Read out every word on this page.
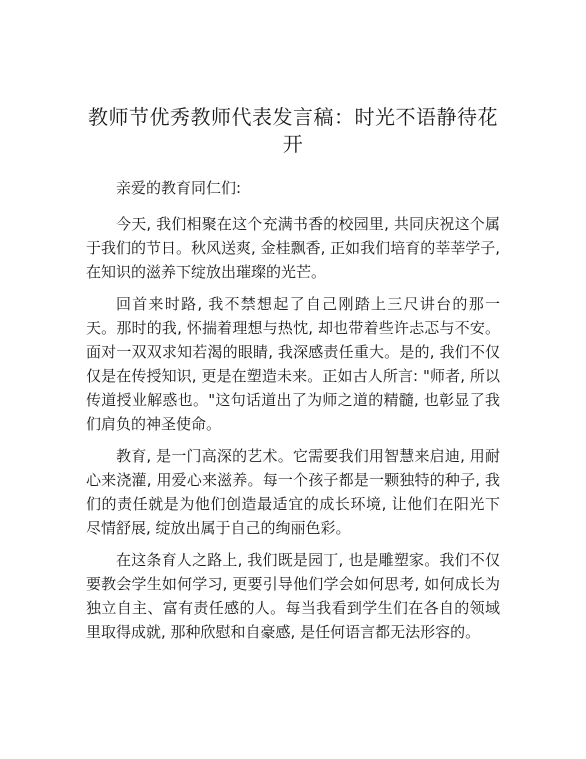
教师节优秀教师代表发言稿：时光不语静待花开

亲爱的教育同仁们:

今天, 我们相聚在这个充满书香的校园里, 共同庆祝这个属于我们的节日。秋风送爽, 金桂飘香, 正如我们培育的莘莘学子, 在知识的滋养下绽放出璀璨的光芒。

回首来时路, 我不禁想起了自己刚踏上三尺讲台的那一天。那时的我, 怀揣着理想与热忱, 却也带着些许忐忑与不安。面对一双双求知若渴的眼睛, 我深感责任重大。是的, 我们不仅仅是在传授知识, 更是在塑造未来。正如古人所言: "师者, 所以传道授业解惑也。"这句话道出了为师之道的精髓, 也彰显了我们肩负的神圣使命。

教育, 是一门高深的艺术。它需要我们用智慧来启迪, 用耐心来浇灌, 用爱心来滋养。每一个孩子都是一颗独特的种子, 我们的责任就是为他们创造最适宜的成长环境, 让他们在阳光下尽情舒展, 绽放出属于自己的绚丽色彩。

在这条育人之路上, 我们既是园丁, 也是雕塑家。我们不仅要教会学生如何学习, 更要引导他们学会如何思考, 如何成长为独立自主、富有责任感的人。每当我看到学生们在各自的领域里取得成就, 那种欣慰和自豪感, 是任何语言都无法形容的。
